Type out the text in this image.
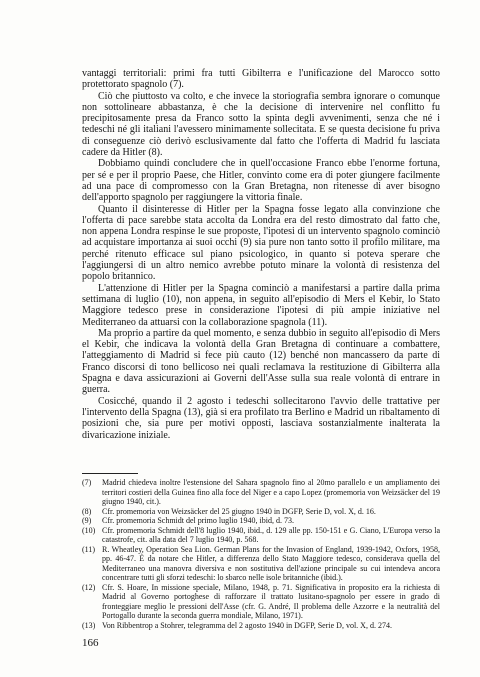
vantaggi territoriali: primi fra tutti Gibilterra e l'unificazione del Marocco sotto protettorato spagnolo (7).

Ciò che piuttosto va colto, e che invece la storiografia sembra ignorare o comunque non sottolineare abbastanza, è che la decisione di intervenire nel conflitto fu precipitosamente presa da Franco sotto la spinta degli avvenimenti, senza che né i tedeschi né gli italiani l'avessero minimamente sollecitata. E se questa decisione fu priva di conseguenze ciò derivò esclusivamente dal fatto che l'offerta di Madrid fu lasciata cadere da Hitler (8).

Dobbiamo quindi concludere che in quell'occasione Franco ebbe l'enorme fortuna, per sé e per il proprio Paese, che Hitler, convinto come era di poter giungere facilmente ad una pace di compromesso con la Gran Bretagna, non ritenesse di aver bisogno dell'apporto spagnolo per raggiungere la vittoria finale.

Quanto il disinteresse di Hitler per la Spagna fosse legato alla convinzione che l'offerta di pace sarebbe stata accolta da Londra era del resto dimostrato dal fatto che, non appena Londra respinse le sue proposte, l'ipotesi di un intervento spagnolo cominciò ad acquistare importanza ai suoi occhi (9) sia pure non tanto sotto il profilo militare, ma perché ritenuto efficace sul piano psicologico, in quanto si poteva sperare che l'aggiungersi di un altro nemico avrebbe potuto minare la volontà di resistenza del popolo britannico.

L'attenzione di Hitler per la Spagna cominciò a manifestarsi a partire dalla prima settimana di luglio (10), non appena, in seguito all'episodio di Mers el Kebir, lo Stato Maggiore tedesco prese in considerazione l'ipotesi di più ampie iniziative nel Mediterraneo da attuarsi con la collaborazione spagnola (11).

Ma proprio a partire da quel momento, e senza dubbio in seguito all'episodio di Mers el Kebir, che indicava la volontà della Gran Bretagna di continuare a combattere, l'atteggiamento di Madrid si fece più cauto (12) benché non mancassero da parte di Franco discorsi di tono bellicoso nei quali reclamava la restituzione di Gibilterra alla Spagna e dava assicurazioni ai Governi dell'Asse sulla sua reale volontà di entrare in guerra.

Cosicché, quando il 2 agosto i tedeschi sollecitarono l'avvio delle trattative per l'intervento della Spagna (13), già si era profilato tra Berlino e Madrid un ribaltamento di posizioni che, sia pure per motivi opposti, lasciava sostanzialmente inalterata la divaricazione iniziale.

(7)	Madrid chiedeva inoltre l'estensione del Sahara spagnolo fino al 20mo parallelo e un ampliamento dei territori costieri della Guinea fino alla foce del Niger e a capo Lopez (promemoria von Weizsäcker del 19 giugno 1940, cit.).
(8)	Cfr. promemoria von Weizsäcker del 25 giugno 1940 in DGFP, Serie D, vol. X, d. 16.
(9)	Cfr. promemoria Schmidt del primo luglio 1940, ibid, d. 73.
(10) Cfr. promemoria Schmidt dell'8 luglio 1940, ibid., d. 129 alle pp. 150-151 e G. Ciano, L'Europa verso la catastrofe, cit. alla data del 7 luglio 1940, p. 568.
(11) R. Wheatley, Operation Sea Lion. German Plans for the Invasion of England, 1939-1942, Oxfors, 1958, pp. 46-47. È da notare che Hitler, a differenza dello Stato Maggiore tedesco, considerava quella del Mediterraneo una manovra diversiva e non sostitutiva dell'azione principale su cui intendeva ancora concentrare tutti gli sforzi tedeschi: lo sbarco nelle isole britanniche (ibid.).
(12) Cfr. S. Hoare, In missione speciale, Milano, 1948, p. 71. Significativa in proposito era la richiesta di Madrid al Governo portoghese di rafforzare il trattato lusitano-spagnolo per essere in grado di fronteggiare meglio le pressioni dell'Asse (cfr. G. André, Il problema delle Azzorre e la neutralità del Portogallo durante la seconda guerra mondiale, Milano, 1971).
(13) Von Ribbentrop a Stohrer, telegramma del 2 agosto 1940 in DGFP, Serie D, vol. X, d. 274.
166
